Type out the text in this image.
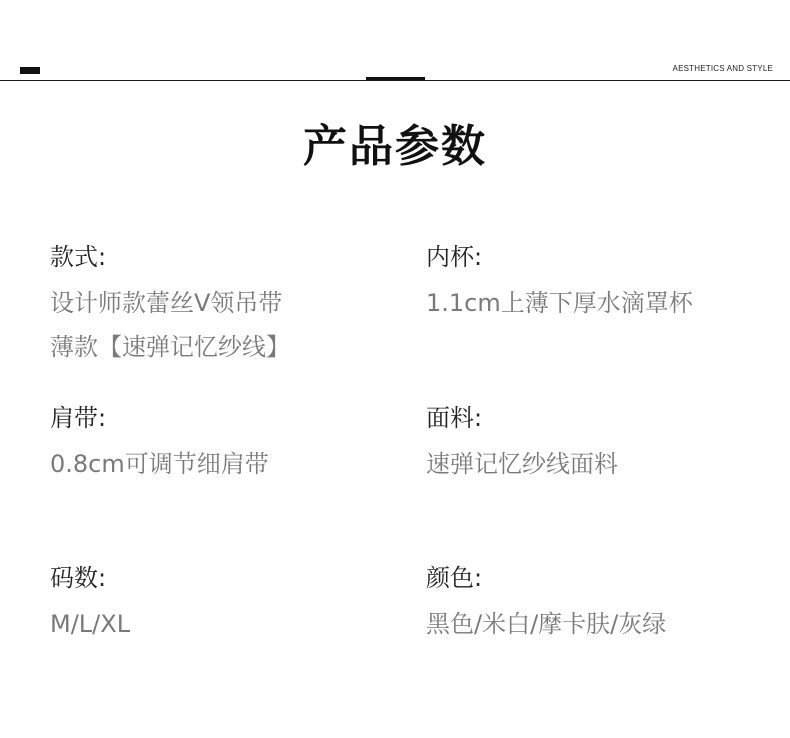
AESTHETICS AND STYLE
产品参数
款式:
设计师款蕾丝V领吊带
薄款【速弹记忆纱线】
内杯:
1.1cm上薄下厚水滴罩杯
肩带:
0.8cm可调节细肩带
面料:
速弹记忆纱线面料
码数:
M/L/XL
颜色:
黑色/米白/摩卡肤/灰绿
